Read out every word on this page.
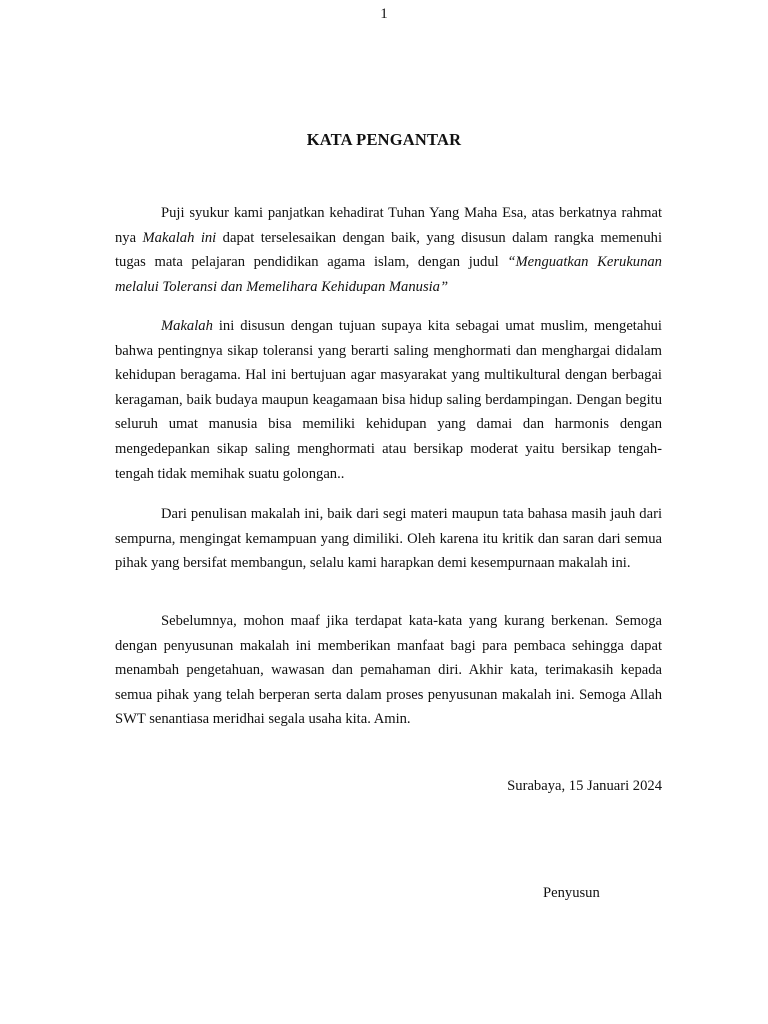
1
KATA PENGANTAR

Puji syukur kami panjatkan kehadirat Tuhan Yang Maha Esa, atas berkatnya rahmat nya Makalah ini dapat terselesaikan dengan baik, yang disusun dalam rangka memenuhi tugas mata pelajaran pendidikan agama islam, dengan judul “Menguatkan Kerukunan melalui Toleransi dan Memelihara Kehidupan Manusia”

Makalah ini disusun dengan tujuan supaya kita sebagai umat muslim, mengetahui bahwa pentingnya sikap toleransi yang berarti saling menghormati dan menghargai didalam kehidupan beragama. Hal ini bertujuan agar masyarakat yang multikultural dengan berbagai keragaman, baik budaya maupun keagamaan bisa hidup saling berdampingan. Dengan begitu seluruh umat manusia bisa memiliki kehidupan yang damai dan harmonis dengan mengedepankan sikap saling menghormati atau bersikap moderat yaitu bersikap tengah-tengah tidak memihak suatu golongan..

Dari penulisan makalah ini, baik dari segi materi maupun tata bahasa masih jauh dari sempurna, mengingat kemampuan yang dimiliki. Oleh karena itu kritik dan saran dari semua pihak yang bersifat membangun, selalu kami harapkan demi kesempurnaan makalah ini.

Sebelumnya, mohon maaf jika terdapat kata-kata yang kurang berkenan. Semoga dengan penyusunan makalah ini memberikan manfaat bagi para pembaca sehingga dapat menambah pengetahuan, wawasan dan pemahaman diri. Akhir kata, terimakasih kepada semua pihak yang telah berperan serta dalam proses penyusunan makalah ini. Semoga Allah SWT senantiasa meridhai segala usaha kita. Amin.

Surabaya, 15 Januari 2024
Penyusun
